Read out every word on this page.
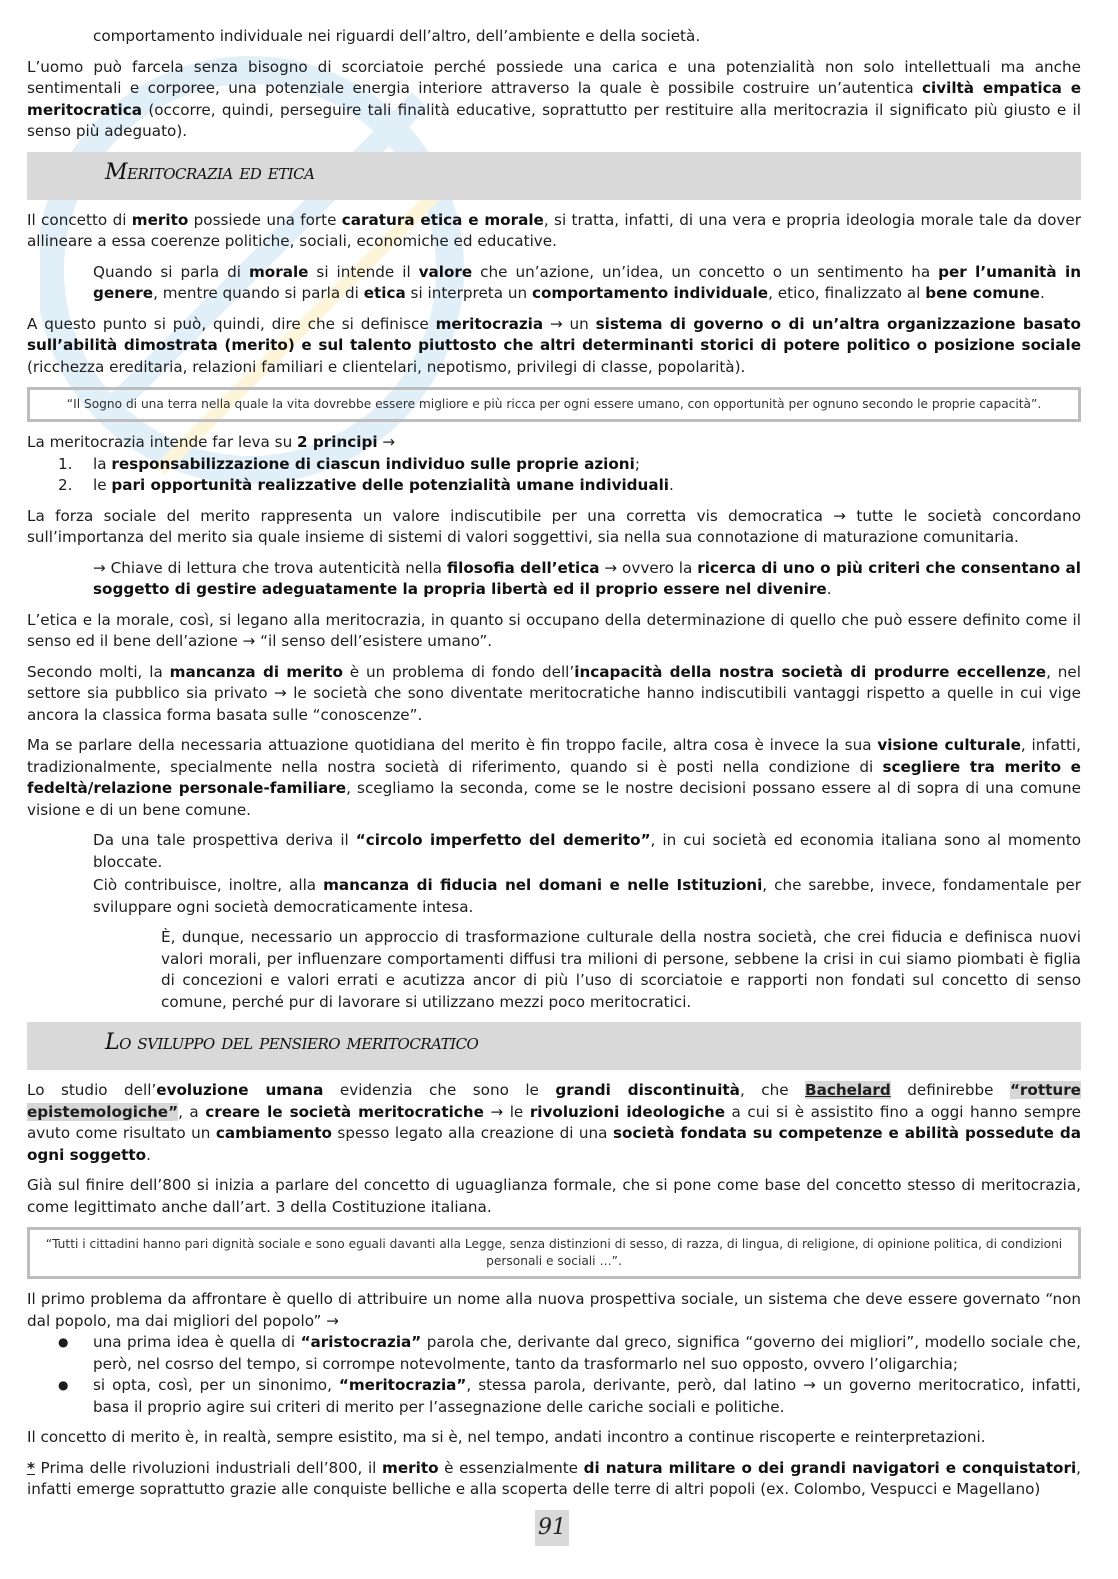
comportamento individuale nei riguardi dell’altro, dell’ambiente e della società.

L’uomo può farcela senza bisogno di scorciatoie perché possiede una carica e una potenzialità non solo intellettuali ma anche sentimentali e corporee, una potenziale energia interiore attraverso la quale è possibile costruire un’autentica civiltà empatica e meritocratica (occorre, quindi, perseguire tali finalità educative, soprattutto per restituire alla meritocrazia il significato più giusto e il senso più adeguato).

Meritocrazia ed etica

Il concetto di merito possiede una forte caratura etica e morale, si tratta, infatti, di una vera e propria ideologia morale tale da dover allineare a essa coerenze politiche, sociali, economiche ed educative.

Quando si parla di morale si intende il valore che un’azione, un’idea, un concetto o un sentimento ha per l’umanità in genere, mentre quando si parla di etica si interpreta un comportamento individuale, etico, finalizzato al bene comune.

A questo punto si può, quindi, dire che si definisce meritocrazia → un sistema di governo o di un’altra organizzazione basato sull’abilità dimostrata (merito) e sul talento piuttosto che altri determinanti storici di potere politico o posizione sociale (ricchezza ereditaria, relazioni familiari e clientelari, nepotismo, privilegi di classe, popolarità).

“Il Sogno di una terra nella quale la vita dovrebbe essere migliore e più ricca per ogni essere umano, con opportunità per ognuno secondo le proprie capacità”.

La meritocrazia intende far leva su 2 principi →

1. la responsabilizzazione di ciascun individuo sulle proprie azioni;
2. le pari opportunità realizzative delle potenzialità umane individuali.

La forza sociale del merito rappresenta un valore indiscutibile per una corretta vis democratica → tutte le società concordano sull’importanza del merito sia quale insieme di sistemi di valori soggettivi, sia nella sua connotazione di maturazione comunitaria.

→ Chiave di lettura che trova autenticità nella filosofia dell’etica → ovvero la ricerca di uno o più criteri che consentano al soggetto di gestire adeguatamente la propria libertà ed il proprio essere nel divenire.

L’etica e la morale, così, si legano alla meritocrazia, in quanto si occupano della determinazione di quello che può essere definito come il senso ed il bene dell’azione → “il senso dell’esistere umano”.

Secondo molti, la mancanza di merito è un problema di fondo dell’incapacità della nostra società di produrre eccellenze, nel settore sia pubblico sia privato → le società che sono diventate meritocratiche hanno indiscutibili vantaggi rispetto a quelle in cui vige ancora la classica forma basata sulle “conoscenze”.

Ma se parlare della necessaria attuazione quotidiana del merito è fin troppo facile, altra cosa è invece la sua visione culturale, infatti, tradizionalmente, specialmente nella nostra società di riferimento, quando si è posti nella condizione di scegliere tra merito e fedeltà/relazione personale-familiare, scegliamo la seconda, come se le nostre decisioni possano essere al di sopra di una comune visione e di un bene comune.

Da una tale prospettiva deriva il “circolo imperfetto del demerito”, in cui società ed economia italiana sono al momento bloccate.

Ciò contribuisce, inoltre, alla mancanza di fiducia nel domani e nelle Istituzioni, che sarebbe, invece, fondamentale per sviluppare ogni società democraticamente intesa.

È, dunque, necessario un approccio di trasformazione culturale della nostra società, che crei fiducia e definisca nuovi valori morali, per influenzare comportamenti diffusi tra milioni di persone, sebbene la crisi in cui siamo piombati è figlia di concezioni e valori errati e acutizza ancor di più l’uso di scorciatoie e rapporti non fondati sul concetto di senso comune, perché pur di lavorare si utilizzano mezzi poco meritocratici.

Lo sviluppo del pensiero meritocratico

Lo studio dell’evoluzione umana evidenzia che sono le grandi discontinuità, che Bachelard definirebbe “rotture epistemologiche”, a creare le società meritocratiche → le rivoluzioni ideologiche a cui si è assistito fino a oggi hanno sempre avuto come risultato un cambiamento spesso legato alla creazione di una società fondata su competenze e abilità possedute da ogni soggetto.

Già sul finire dell’800 si inizia a parlare del concetto di uguaglianza formale, che si pone come base del concetto stesso di meritocrazia, come legittimato anche dall’art. 3 della Costituzione italiana.

“Tutti i cittadini hanno pari dignità sociale e sono eguali davanti alla Legge, senza distinzioni di sesso, di razza, di lingua, di religione, di opinione politica, di condizioni personali e sociali …”.

Il primo problema da affrontare è quello di attribuire un nome alla nuova prospettiva sociale, un sistema che deve essere governato “non dal popolo, ma dai migliori del popolo” →

● una prima idea è quella di “aristocrazia” parola che, derivante dal greco, significa “governo dei migliori”, modello sociale che, però, nel cosrso del tempo, si corrompe notevolmente, tanto da trasformarlo nel suo opposto, ovvero l’oligarchia;
● si opta, così, per un sinonimo, “meritocrazia”, stessa parola, derivante, però, dal latino → un governo meritocratico, infatti, basa il proprio agire sui criteri di merito per l’assegnazione delle cariche sociali e politiche.

Il concetto di merito è, in realtà, sempre esistito, ma si è, nel tempo, andati incontro a continue riscoperte e reinterpretazioni.

* Prima delle rivoluzioni industriali dell’800, il merito è essenzialmente di natura militare o dei grandi navigatori e conquistatori, infatti emerge soprattutto grazie alle conquiste belliche e alla scoperta delle terre di altri popoli (ex. Colombo, Vespucci e Magellano)

91
